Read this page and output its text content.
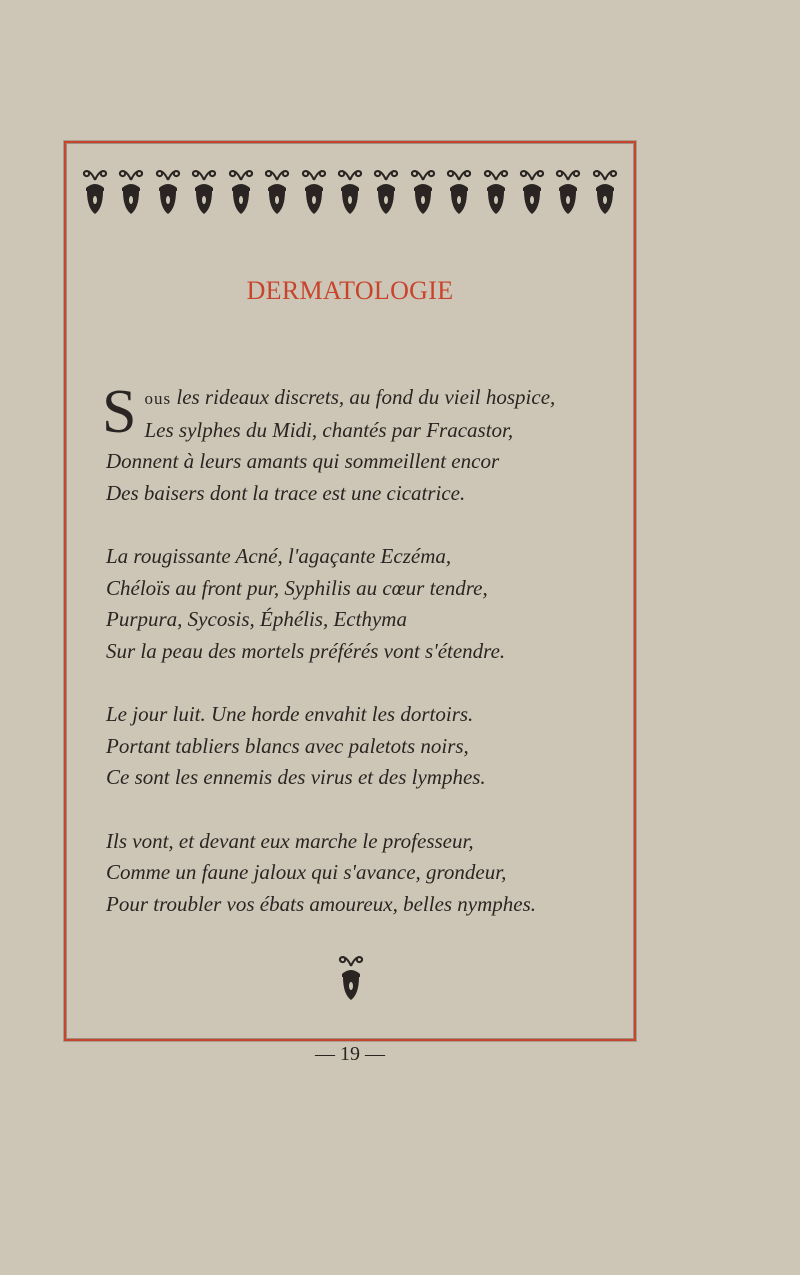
DERMATOLOGIE
S ous les rideaux discrets, au fond du vieil hospice,
Les sylphes du Midi, chantés par Fracastor,
Donnent à leurs amants qui sommeillent encor
Des baisers dont la trace est une cicatrice.
La rougissante Acné, l'agaçante Eczéma,
Chéloïs au front pur, Syphilis au cœur tendre,
Purpura, Sycosis, Éphélis, Ecthyma
Sur la peau des mortels préférés vont s'étendre.
Le jour luit. Une horde envahit les dortoirs.
Portant tabliers blancs avec paletots noirs,
Ce sont les ennemis des virus et des lymphes.
Ils vont, et devant eux marche le professeur,
Comme un faune jaloux qui s'avance, grondeur,
Pour troubler vos ébats amoureux, belles nymphes.
— 19 —
